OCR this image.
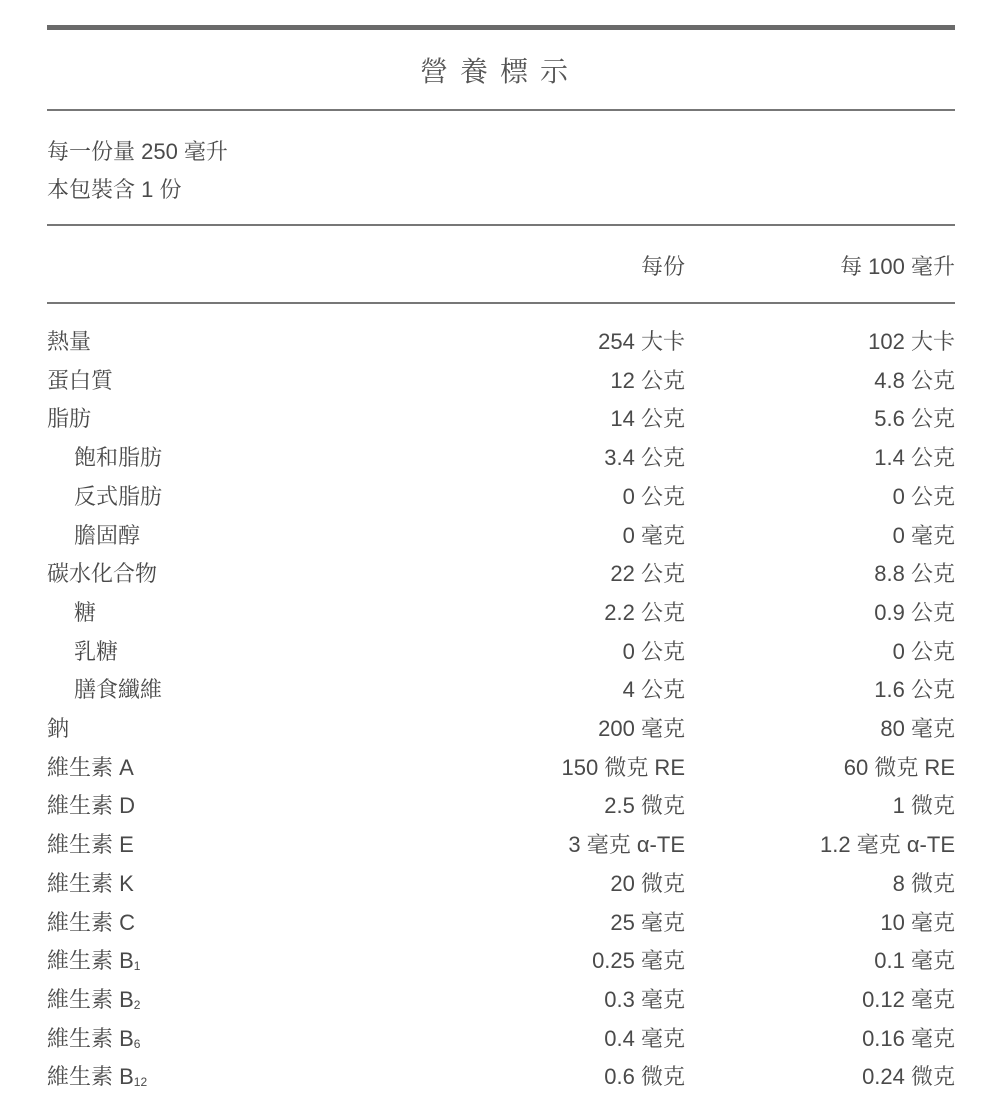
營養標示
每一份量 250 毫升
本包裝含 1 份
每份	每 100 毫升
熱量	254 大卡	102 大卡
蛋白質	12 公克	4.8 公克
脂肪	14 公克	5.6 公克
飽和脂肪	3.4 公克	1.4 公克
反式脂肪	0 公克	0 公克
膽固醇	0 毫克	0 毫克
碳水化合物	22 公克	8.8 公克
糖	2.2 公克	0.9 公克
乳糖	0 公克	0 公克
膳食纖維	4 公克	1.6 公克
鈉	200 毫克	80 毫克
維生素 A	150 微克 RE	60 微克 RE
維生素 D	2.5 微克	1 微克
維生素 E	3 毫克 α-TE	1.2 毫克 α-TE
維生素 K	20 微克	8 微克
維生素 C	25 毫克	10 毫克
維生素 $B_1$	0.25 毫克	0.1 毫克
維生素 $B_2$	0.3 毫克	0.12 毫克
維生素 $B_6$	0.4 毫克	0.16 毫克
維生素 $B_{12}$	0.6 微克	0.24 微克
